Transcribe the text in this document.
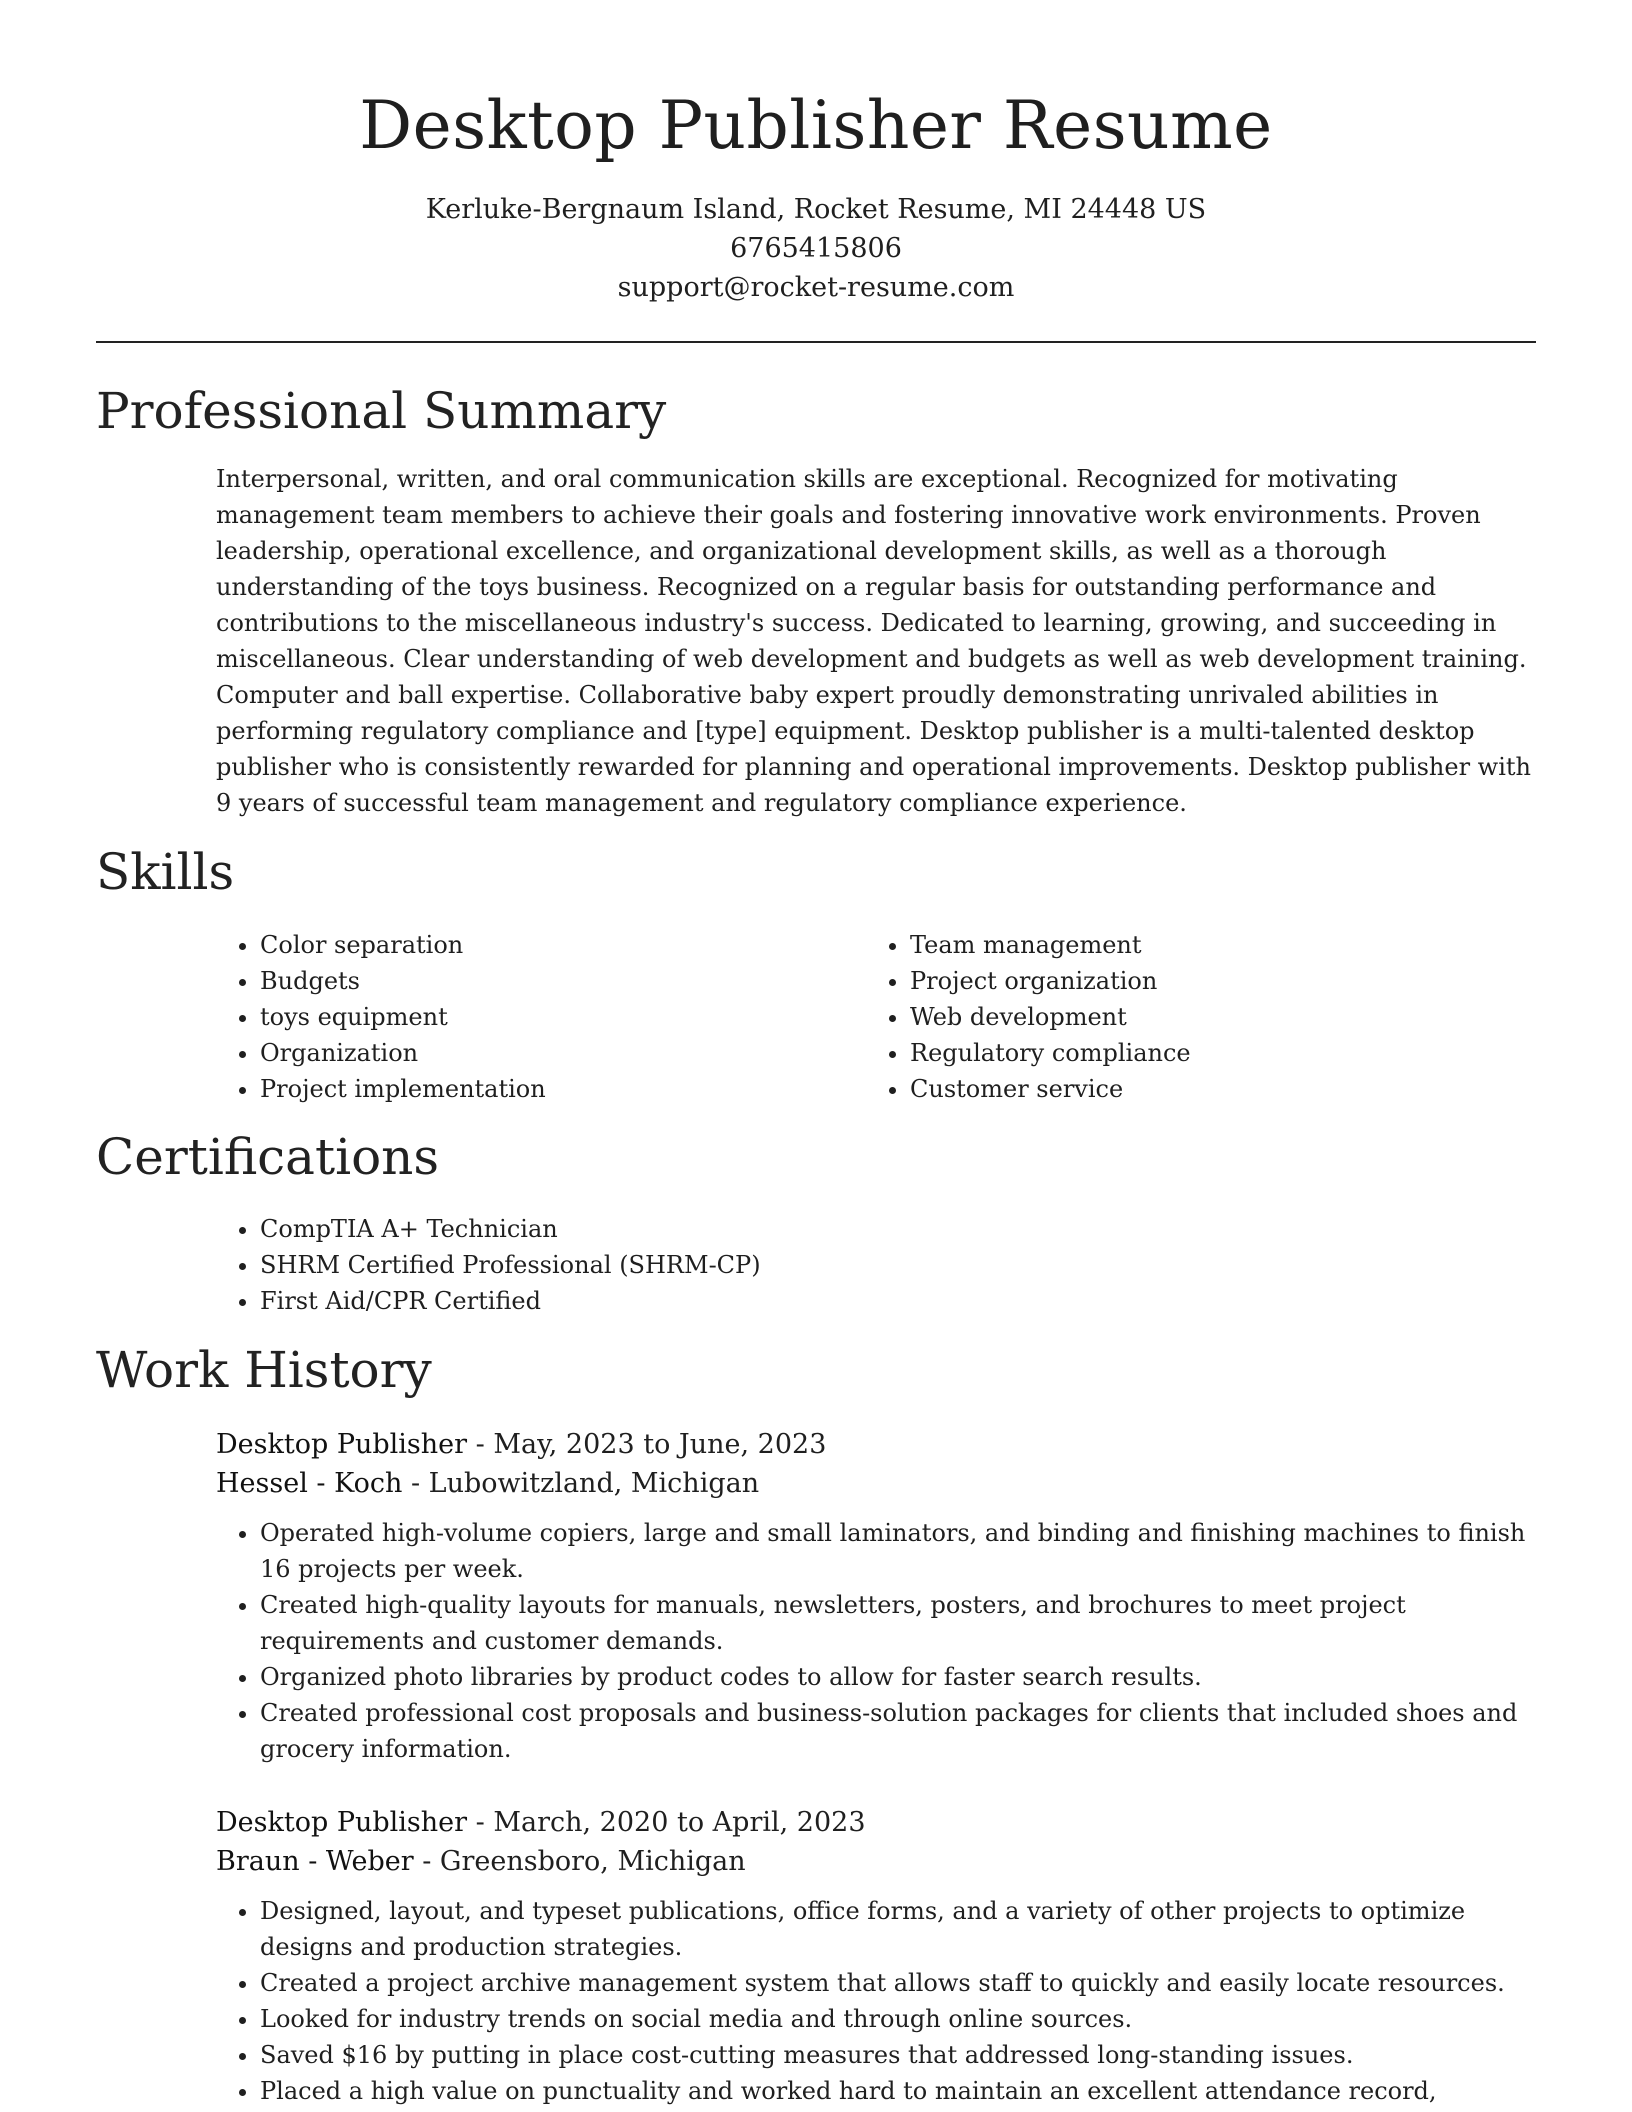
Desktop Publisher Resume

Kerluke-Bergnaum Island, Rocket Resume, MI 24448 US

6765415806

support@rocket-resume.com

Professional Summary

Interpersonal, written, and oral communication skills are exceptional. Recognized for motivating management team members to achieve their goals and fostering innovative work environments. Proven leadership, operational excellence, and organizational development skills, as well as a thorough understanding of the toys business. Recognized on a regular basis for outstanding performance and contributions to the miscellaneous industry's success. Dedicated to learning, growing, and succeeding in miscellaneous. Clear understanding of web development and budgets as well as web development training. Computer and ball expertise. Collaborative baby expert proudly demonstrating unrivaled abilities in performing regulatory compliance and [type] equipment. Desktop publisher is a multi-talented desktop publisher who is consistently rewarded for planning and operational improvements. Desktop publisher with 9 years of successful team management and regulatory compliance experience.

Skills
• Color separation
• Budgets
• toys equipment
• Organization
• Project implementation
• Team management
• Project organization
• Web development
• Regulatory compliance
• Customer service
Certifications
• CompTIA A+ Technician
• SHRM Certified Professional (SHRM-CP)
• First Aid/CPR Certified
Work History

Desktop Publisher - May, 2023 to June, 2023

Hessel - Koch - Lubowitzland, Michigan

• Operated high-volume copiers, large and small laminators, and binding and finishing machines to finish 16 projects per week.
• Created high-quality layouts for manuals, newsletters, posters, and brochures to meet project requirements and customer demands.
• Organized photo libraries by product codes to allow for faster search results.
• Created professional cost proposals and business-solution packages for clients that included shoes and grocery information.

Desktop Publisher - March, 2020 to April, 2023

Braun - Weber - Greensboro, Michigan

• Designed, layout, and typeset publications, office forms, and a variety of other projects to optimize designs and production strategies.
• Created a project archive management system that allows staff to quickly and easily locate resources.
• Looked for industry trends on social media and through online sources.
• Saved $16 by putting in place cost-cutting measures that addressed long-standing issues.
• Placed a high value on punctuality and worked hard to maintain an excellent attendance record,
